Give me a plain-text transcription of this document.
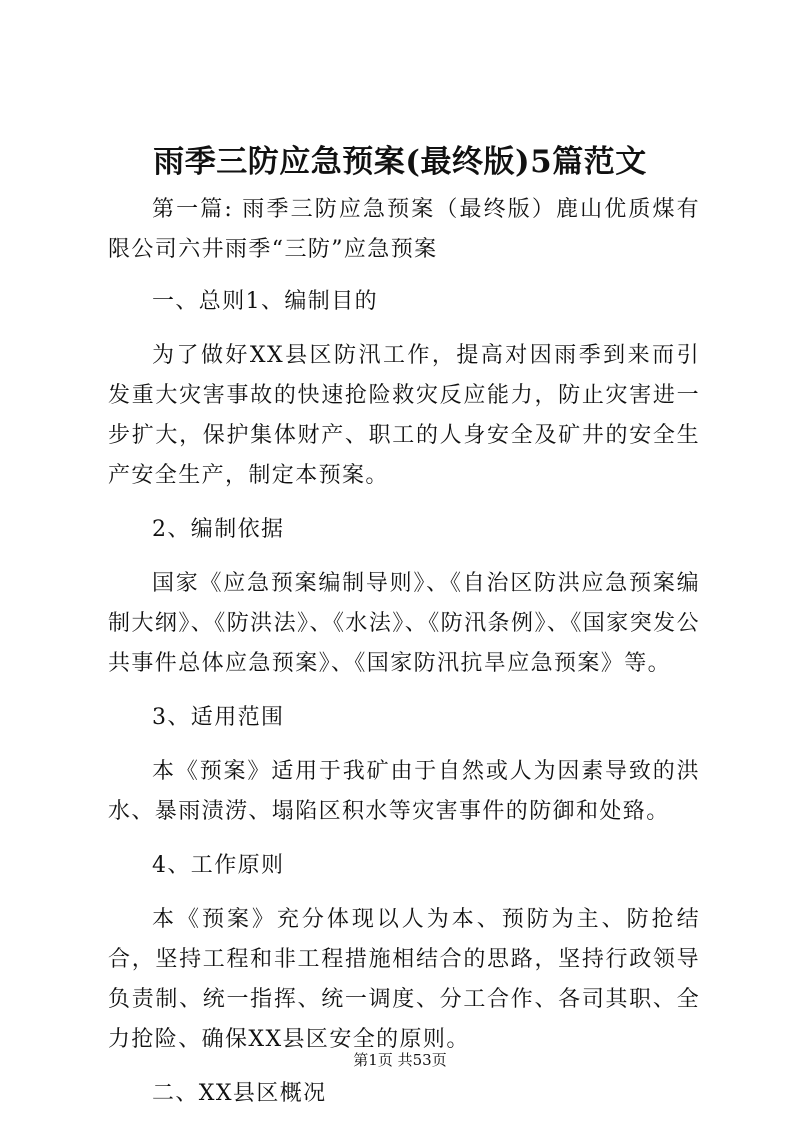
雨季三防应急预案(最终版)5篇范文

第一篇: 雨季三防应急预案（最终版）鹿山优质煤有限公司六井雨季“三防”应急预案

一、总则1、编制目的

为了做好XX县区防汛工作，提高对因雨季到来而引发重大灾害事故的快速抢险救灾反应能力，防止灾害进一步扩大，保护集体财产、职工的人身安全及矿井的安全生产安全生产，制定本预案。

2、编制依据

国家《应急预案编制导则》、《自治区防洪应急预案编制大纲》、《防洪法》、《水法》、《防汛条例》、《国家突发公共事件总体应急预案》、《国家防汛抗旱应急预案》等。

3、适用范围

本《预案》适用于我矿由于自然或人为因素导致的洪水、暴雨渍涝、塌陷区积水等灾害事件的防御和处臵。

4、工作原则

本《预案》充分体现以人为本、预防为主、防抢结合，坚持工程和非工程措施相结合的思路，坚持行政领导负责制、统一指挥、统一调度、分工合作、各司其职、全力抢险、确保XX县区安全的原则。

二、XX县区概况

第1页 共53页
